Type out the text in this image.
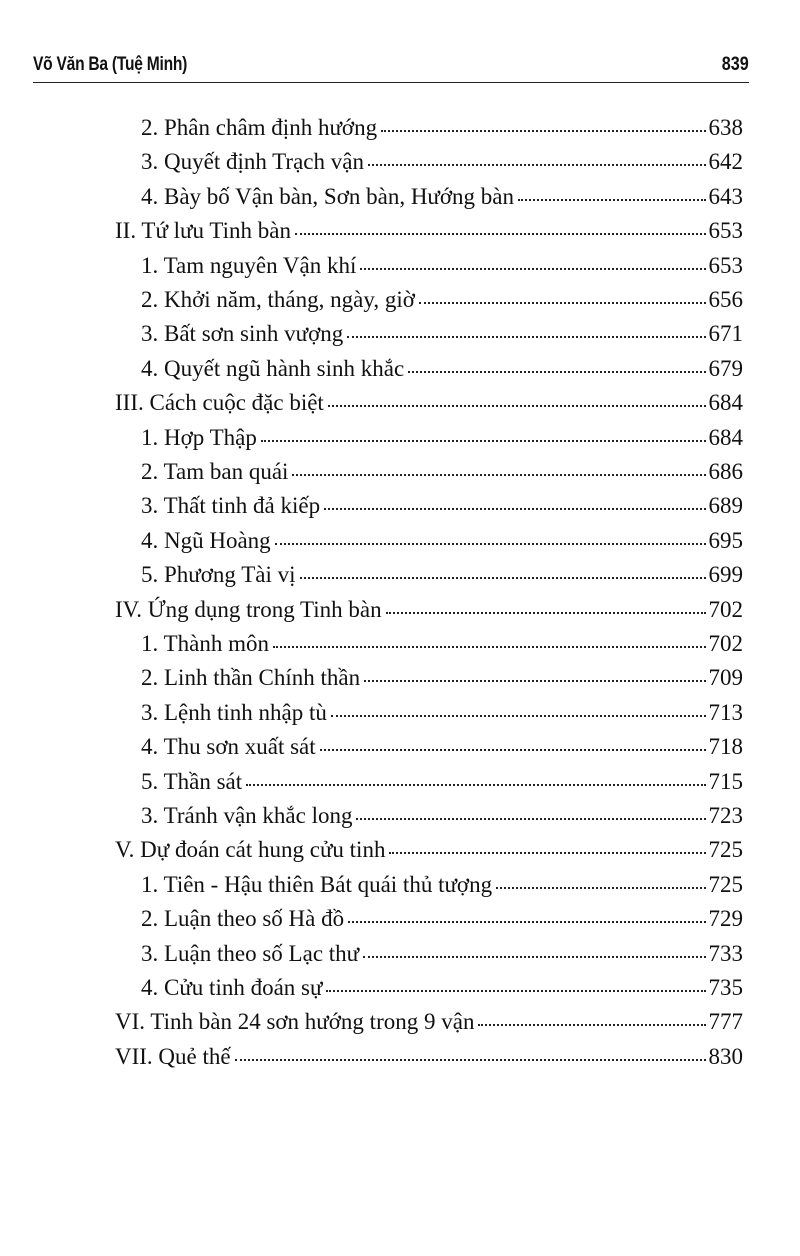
Võ Văn Ba (Tuệ Minh)	839
2. Phân châm định hướng	638
3. Quyết định Trạch vận	642
4. Bày bố Vận bàn, Sơn bàn, Hướng bàn	643
II. Tứ lưu Tinh bàn	653
1. Tam nguyên Vận khí	653
2. Khởi năm, tháng, ngày, giờ	656
3. Bất sơn sinh vượng	671
4. Quyết ngũ hành sinh khắc	679
III. Cách cuộc đặc biệt	684
1. Hợp Thập	684
2. Tam ban quái	686
3. Thất tinh đả kiếp	689
4. Ngũ Hoàng	695
5. Phương Tài vị	699
IV. Ứng dụng trong Tinh bàn	702
1. Thành môn	702
2. Linh thần Chính thần	709
3. Lệnh tinh nhập tù	713
4. Thu sơn xuất sát	718
5. Thần sát	715
3. Tránh vận khắc long	723
V. Dự đoán cát hung cửu tinh	725
1. Tiên - Hậu thiên Bát quái thủ tượng	725
2. Luận theo số Hà đồ	729
3. Luận theo số Lạc thư	733
4. Cửu tinh đoán sự	735
VI. Tinh bàn 24 sơn hướng trong 9 vận	777
VII. Quẻ thế	830
